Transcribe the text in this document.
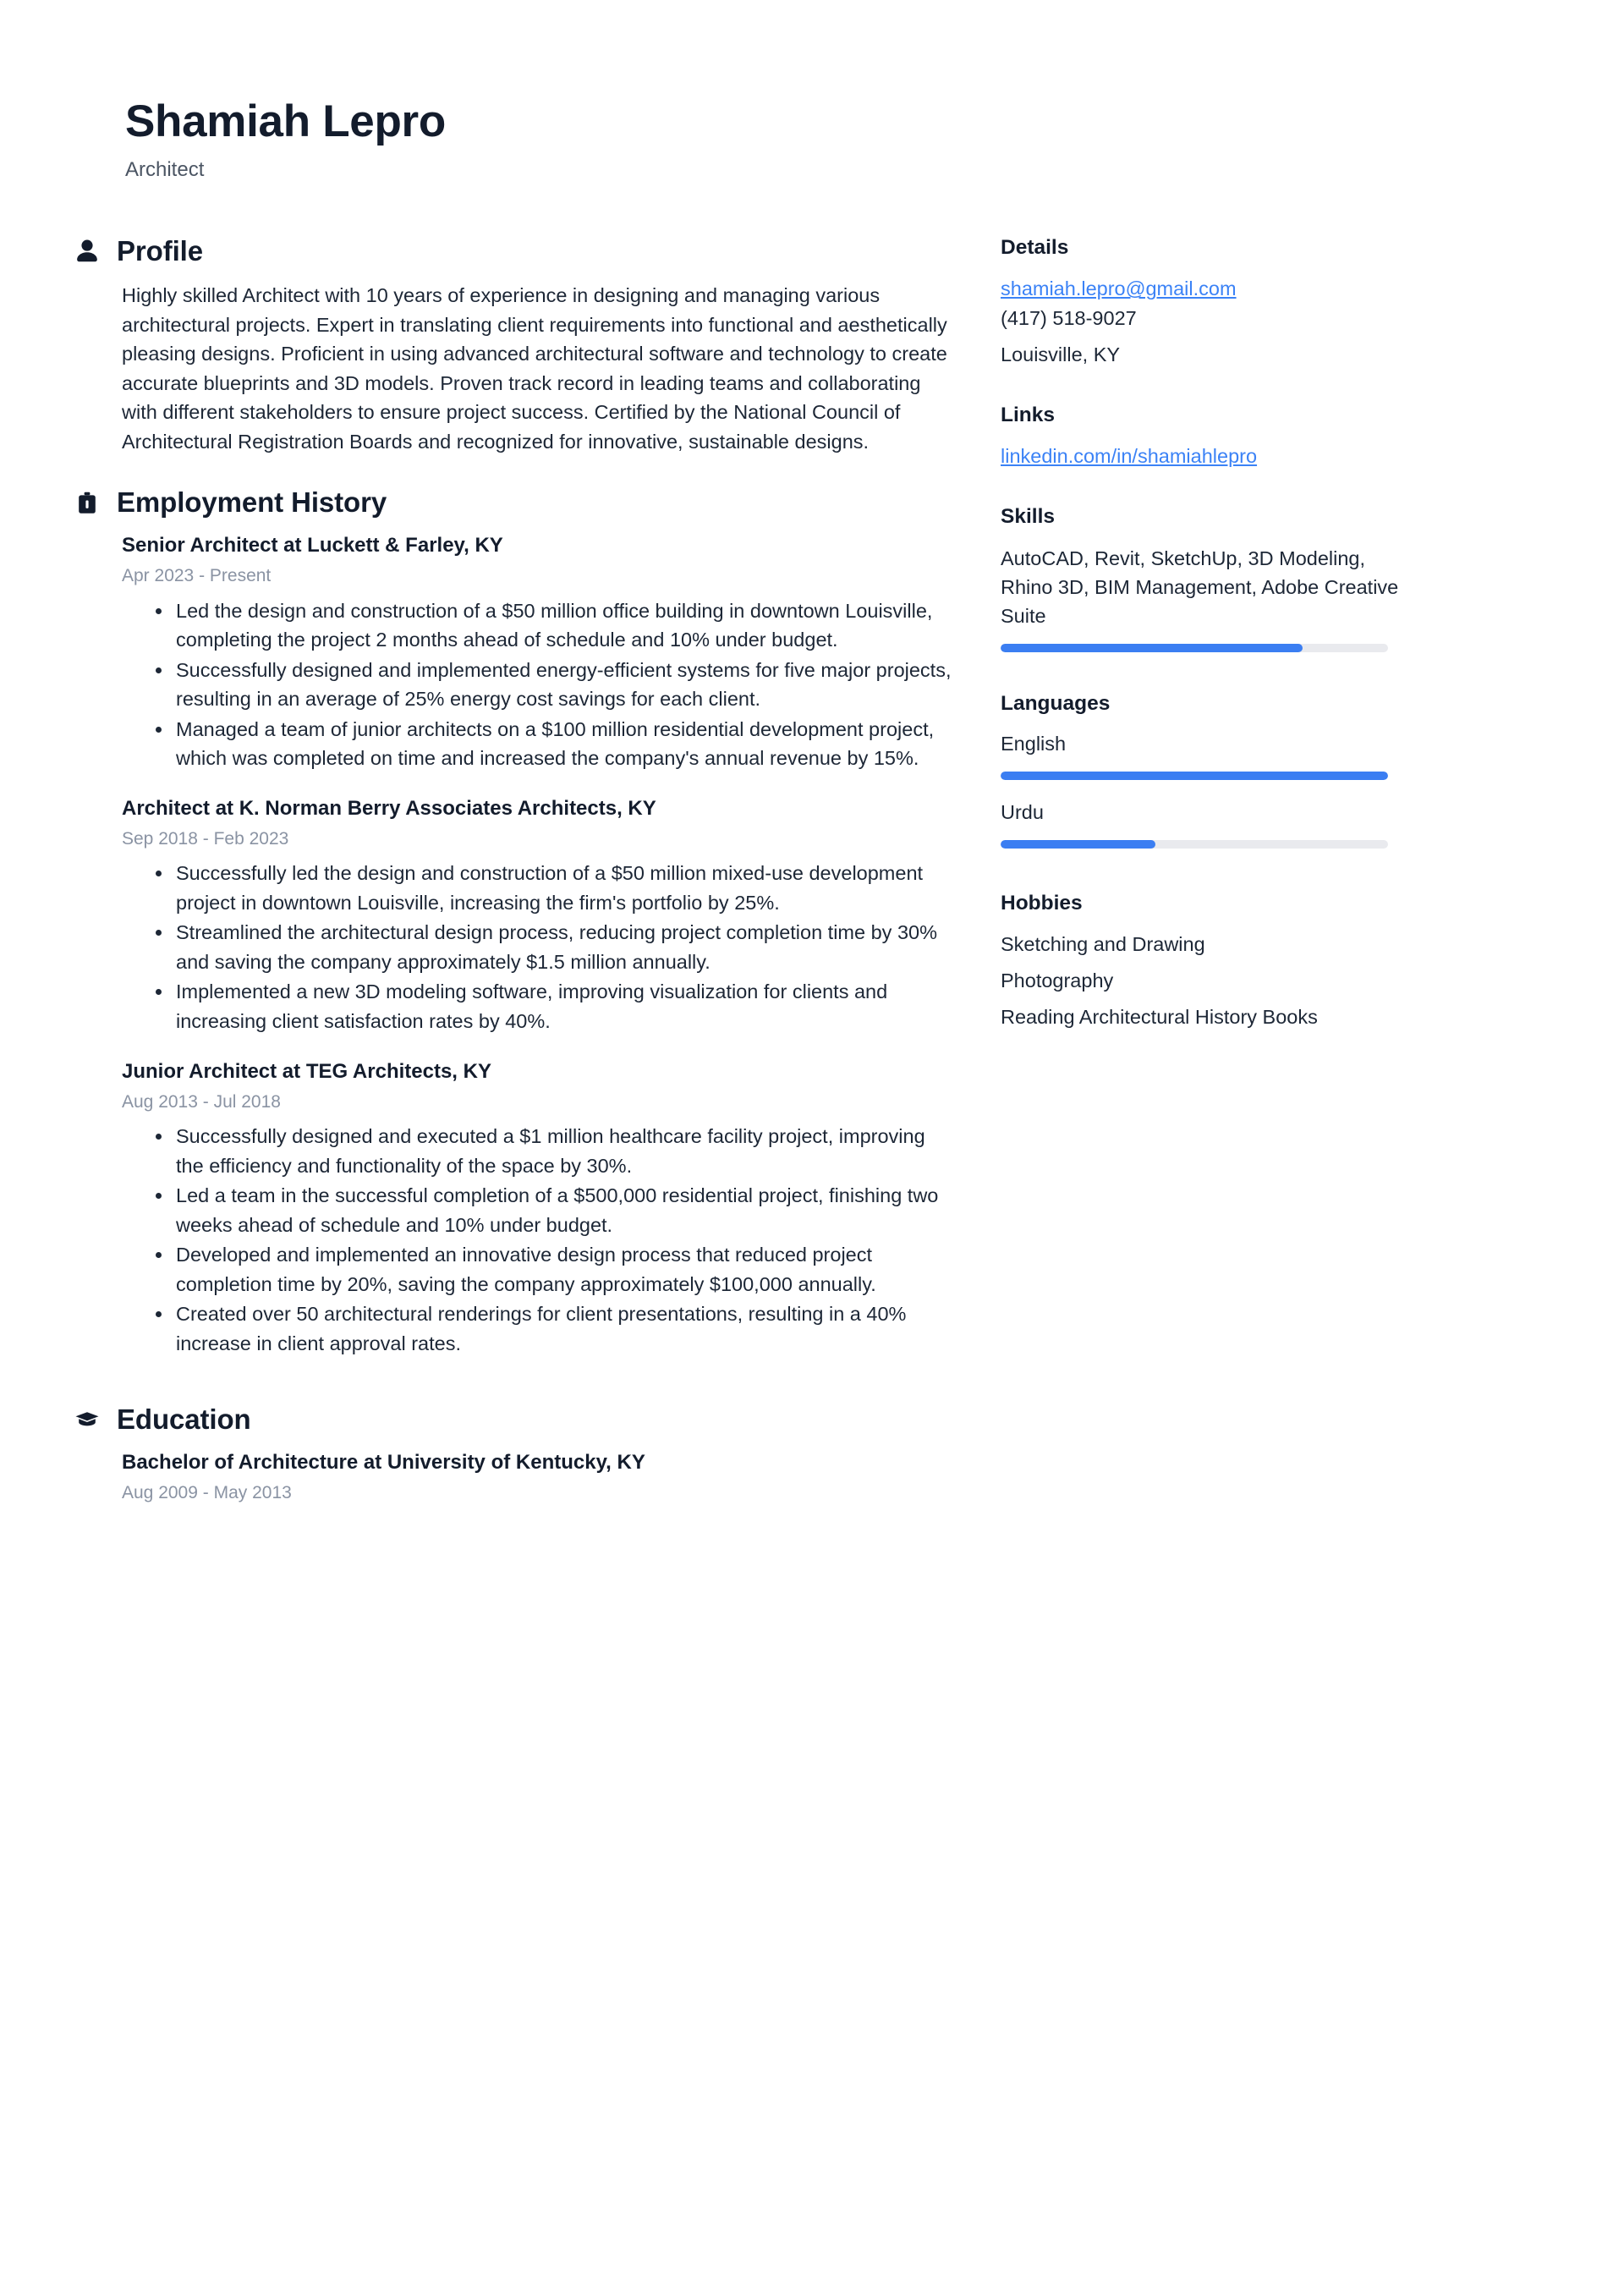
Shamiah Lepro
Architect
Profile
Highly skilled Architect with 10 years of experience in designing and managing various architectural projects. Expert in translating client requirements into functional and aesthetically pleasing designs. Proficient in using advanced architectural software and technology to create accurate blueprints and 3D models. Proven track record in leading teams and collaborating with different stakeholders to ensure project success. Certified by the National Council of Architectural Registration Boards and recognized for innovative, sustainable designs.
Employment History
Senior Architect at Luckett & Farley, KY
Apr 2023 - Present
Led the design and construction of a $50 million office building in downtown Louisville, completing the project 2 months ahead of schedule and 10% under budget.
Successfully designed and implemented energy-efficient systems for five major projects, resulting in an average of 25% energy cost savings for each client.
Managed a team of junior architects on a $100 million residential development project, which was completed on time and increased the company's annual revenue by 15%.
Architect at K. Norman Berry Associates Architects, KY
Sep 2018 - Feb 2023
Successfully led the design and construction of a $50 million mixed-use development project in downtown Louisville, increasing the firm's portfolio by 25%.
Streamlined the architectural design process, reducing project completion time by 30% and saving the company approximately $1.5 million annually.
Implemented a new 3D modeling software, improving visualization for clients and increasing client satisfaction rates by 40%.
Junior Architect at TEG Architects, KY
Aug 2013 - Jul 2018
Successfully designed and executed a $1 million healthcare facility project, improving the efficiency and functionality of the space by 30%.
Led a team in the successful completion of a $500,000 residential project, finishing two weeks ahead of schedule and 10% under budget.
Developed and implemented an innovative design process that reduced project completion time by 20%, saving the company approximately $100,000 annually.
Created over 50 architectural renderings for client presentations, resulting in a 40% increase in client approval rates.
Education
Bachelor of Architecture at University of Kentucky, KY
Aug 2009 - May 2013
Details
shamiah.lepro@gmail.com
(417) 518-9027
Louisville, KY
Links
linkedin.com/in/shamiahlepro
Skills
AutoCAD, Revit, SketchUp, 3D Modeling, Rhino 3D, BIM Management, Adobe Creative Suite
Languages
English
Urdu
Hobbies
Sketching and Drawing
Photography
Reading Architectural History Books
